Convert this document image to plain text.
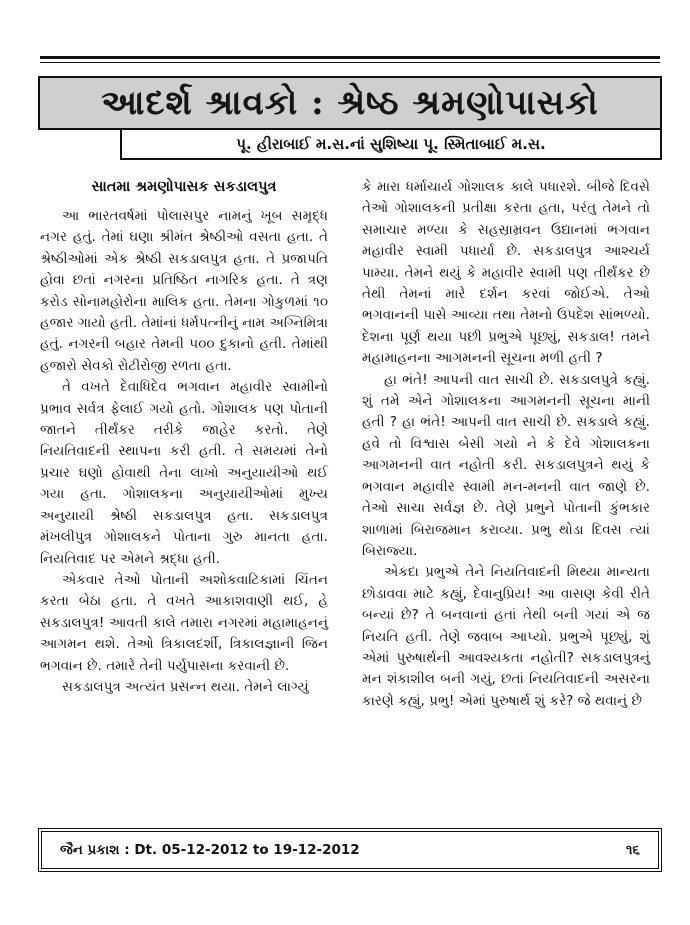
આદર્શ શ્રાવકો : શ્રેષ્ઠ શ્રમણોપાસકો
પૂ. હીરાબાઈ મ.સ.નાં સુશિષ્યા પૂ. સ્મિતાબાઈ મ.સ.
સાતમા શ્રમણોપાસક સકડાલપુત્ર

આ ભારતવર્ષમાં પોલાસપુર નામનું ખૂબ સમૃદ્ધ નગર હતું. તેમાં ઘણા શ્રીમંત શ્રેષ્ઠીઓ વસતા હતા. તે શ્રેષ્ઠીઓમાં એક શ્રેષ્ઠી સકડાલપુત્ર હતા. તે પ્રજાપતિ હોવા છતાં નગરના પ્રતિષ્ઠિત નાગરિક હતા. તે ત્રણ કરોડ સોનામહોરોના માલિક હતા. તેમના ગોકુળમાં ૧૦ હજાર ગાયો હતી. તેમાંનાં ધર્મપત્નીનું નામ અગ્નિમિત્રા હતું. નગરની બહાર તેમની ૫૦૦ દુકાનો હતી. તેમાંથી હજારો સેવકો રોટીરોજી રળતા હતા.

તે વખતે દેવાધિદેવ ભગવાન મહાવીર સ્વામીનો પ્રભાવ સર્વત્ર ફેલાઈ ગયો હતો. ગોશાલક પણ પોતાની જાતને તીર્થંકર તરીકે જાહેર કરતો. તેણે નિયતિવાદની સ્થાપના કરી હતી. તે સમયમાં તેનો પ્રચાર ઘણો હોવાથી તેના લાખો અનુયાયીઓ થઈ ગયા હતા. ગોશાલકના અનુયાયીઓમાં મુખ્ય અનુયાયી શ્રેષ્ઠી સકડાલપુત્ર હતા. સકડાલપુત્ર મંખલીપુત્ર ગોશાલકને પોતાના ગુરુ માનતા હતા. નિયતિવાદ પર એમને શ્રદ્ધા હતી.

એકવાર તેઓ પોતાની અશોકવાટિકામાં ચિંતન કરતા બેઠા હતા. તે વખતે આકાશવાણી થઈ, હે સકડાલપુત્ર! આવતી કાલે તમારા નગરમાં મહામાહનનું આગમન થશે. તેઓ ત્રિકાલદર્શી, ત્રિકાલજ્ઞાની જિન ભગવાન છે. તમારે તેની પર્યુપાસના કરવાની છે.

સકડાલપુત્ર અત્યંત પ્રસન્ન થયા. તેમને લાગ્યું

કે મારા ધર્માચાર્ય ગોશાલક કાલે પધારશે. બીજે દિવસે તેઓ ગોશાલકની પ્રતીક્ષા કરતા હતા, પરંતુ તેમને તો સમાચાર મળ્યા કે સહસ્રામ્રવન ઉદ્યાનમાં ભગવાન મહાવીર સ્વામી પધાર્યા છે. સકડાલપુત્ર આશ્ચર્ય પામ્યા. તેમને થયું કે મહાવીર સ્વામી પણ તીર્થંકર છે તેથી તેમનાં મારે દર્શન કરવાં જોઈએ. તેઓ ભગવાનની પાસે આવ્યા તથા તેમનો ઉપદેશ સાંભળ્યો. દેશના પૂર્ણ થયા પછી પ્રભુએ પૂછ્યું, સકડાલ! તમને મહામાહનના આગમનની સૂચના મળી હતી ?

હા ભંતે! આપની વાત સાચી છે. સકડાલપુત્રે કહ્યું. શું તમે એને ગોશાલકના આગમનની સૂચના માની હતી ? હા ભંતે! આપની વાત સાચી છે. સકડાલે કહ્યું. હવે તો વિશ્વાસ બેસી ગયો ને કે દેવે ગોશાલકના આગમનની વાત નહોતી કરી. સકડાલપુત્રને થયું કે ભગવાન મહાવીર સ્વામી મન-મનની વાત જાણે છે. તેઓ સાચા સર્વજ્ઞ છે. તેણે પ્રભુને પોતાની કુંભકાર શાળામાં બિરાજમાન કરાવ્યા. પ્રભુ થોડા દિવસ ત્યાં બિરાજ્યા.

એકદા પ્રભુએ તેને નિયતિવાદની મિથ્યા માન્યતા છોડાવવા માટે કહ્યું, દેવાનુપ્રિય! આ વાસણ કેવી રીતે બન્યાં છે? તે બનવાનાં હતાં તેથી બની ગયાં એ જ નિયતિ હતી. તેણે જવાબ આપ્યો. પ્રભુએ પૂછ્યું, શું એમાં પુરુષાર્થની આવશ્યકતા નહોતી? સકડાલપુત્રનું મન શંકાશીલ બની ગયું, છતાં નિયતિવાદની અસરના કારણે કહ્યું, પ્રભુ! એમાં પુરુષાર્થ શું કરે? જે થવાનું છે

જૈન પ્રકાશ : Dt. 05-12-2012 to 19-12-2012	૧૬
